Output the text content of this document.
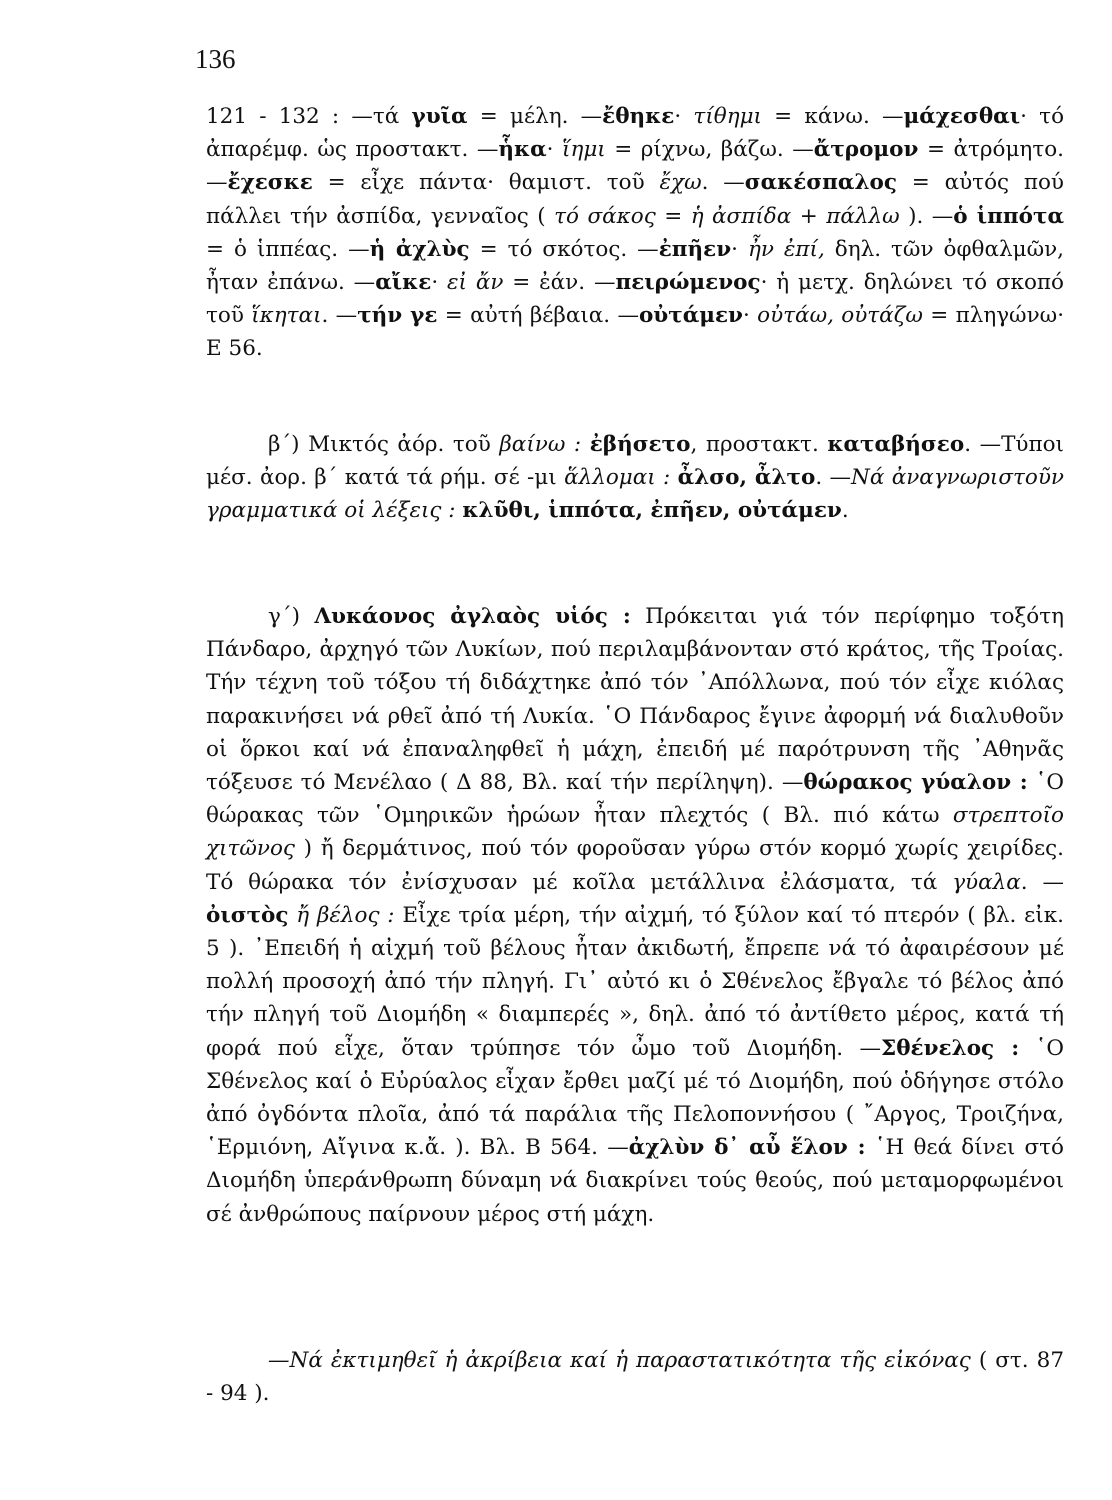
136
121 - 132 : —τά γυῖα = μέλη. —ἔθηκε· τίθημι = κάνω. —μάχεσθαι· τό ἀπαρέμφ. ὡς προστακτ. —ἧκα· ἵημι = ρίχνω, βάζω. —ἄτρομον = ἀτρόμητο. —ἔχεσκε = εἶχε πάντα· θαμιστ. τοῦ ἔχω. —σακέσπαλος = αὐτός πού πάλλει τήν ἀσπίδα, γενναῖος ( τό σάκος = ἡ ἀσπίδα + πάλλω ). —ὁ ἱππότα = ὁ ἱππέας. —ἡ ἀχλὺς = τό σκότος. —ἐπῆεν· ἦν ἐπί, δηλ. τῶν ὀφθαλμῶν, ἦταν ἐπάνω. —αἴκε· εἰ ἄν = ἐάν. —πειρώμενος· ἡ μετχ. δηλώνει τό σκοπό τοῦ ἵκηται. —τήν γε = αὐτή βέβαια. —οὐτάμεν· οὐτάω, οὐτάζω = πληγώνω· Ε 56.
β΄) Μικτός ἀόρ. τοῦ βαίνω : ἐβήσετο, προστακτ. καταβήσεο. —Τύποι μέσ. ἀορ. β΄ κατά τά ρήμ. σέ -μι ἅλλομαι : ἆλσο, ἆλτο. —Νά ἀναγνωριστοῦν γραμματικά οἱ λέξεις : κλῦθι, ἱππότα, ἐπῆεν, οὐτάμεν.
γ΄) Λυκάονος ἀγλαὸς υἱός : Πρόκειται γιά τόν περίφημο τοξότη Πάνδαρο, ἀρχηγό τῶν Λυκίων, πού περιλαμβάνονταν στό κράτος, τῆς Τροίας. Τήν τέχνη τοῦ τόξου τή διδάχτηκε ἀπό τόν ᾿Απόλλωνα, πού τόν εἶχε κιόλας παρακινήσει νά ρθεῖ ἀπό τή Λυκία. ῾Ο Πάνδαρος ἔγινε ἀφορμή νά διαλυθοῦν οἱ ὅρκοι καί νά ἐπαναληφθεῖ ἡ μάχη, ἐπειδή μέ παρότρυνση τῆς ᾿Αθηνᾶς τόξευσε τό Μενέλαο ( Δ 88, Βλ. καί τήν περίληψη). —θώρακος γύαλον : ῾Ο θώρακας τῶν ῾Ομηρικῶν ἡρώων ἦταν πλεχτός ( Βλ. πιό κάτω στρεπτοῖο χιτῶνος ) ἤ δερμάτινος, πού τόν φοροῦσαν γύρω στόν κορμό χωρίς χειρίδες. Τό θώρακα τόν ἐνίσχυσαν μέ κοῖλα μετάλλινα ἐλάσματα, τά γύαλα. —ὀιστὸς ἤ βέλος : Εἶχε τρία μέρη, τήν αἰχμή, τό ξύλον καί τό πτερόν ( βλ. εἰκ. 5 ). ᾿Επειδή ἡ αἰχμή τοῦ βέλους ἦταν ἀκιδωτή, ἔπρεπε νά τό ἀφαιρέσουν μέ πολλή προσοχή ἀπό τήν πληγή. Γι᾿ αὐτό κι ὁ Σθένελος ἔβγαλε τό βέλος ἀπό τήν πληγή τοῦ Διομήδη « διαμπερές », δηλ. ἀπό τό ἀντίθετο μέρος, κατά τή φορά πού εἶχε, ὅταν τρύπησε τόν ὦμο τοῦ Διομήδη. —Σθένελος : ῾Ο Σθένελος καί ὁ Εὐρύαλος εἶχαν ἔρθει μαζί μέ τό Διομήδη, πού ὁδήγησε στόλο ἀπό ὀγδόντα πλοῖα, ἀπό τά παράλια τῆς Πελοποννήσου ( ῎Αργος, Τροιζήνα, ῾Ερμιόνη, Αἴγινα κ.ἄ. ). Βλ. Β 564. —ἀχλὺν δ᾿ αὖ ἕλον : ῾Η θεά δίνει στό Διομήδη ὑπεράνθρωπη δύναμη νά διακρίνει τούς θεούς, πού μεταμορφωμένοι σέ ἀνθρώπους παίρνουν μέρος στή μάχη.
—Νά ἐκτιμηθεῖ ἡ ἀκρίβεια καί ἡ παραστατικότητα τῆς εἰκόνας ( στ. 87 - 94 ).
